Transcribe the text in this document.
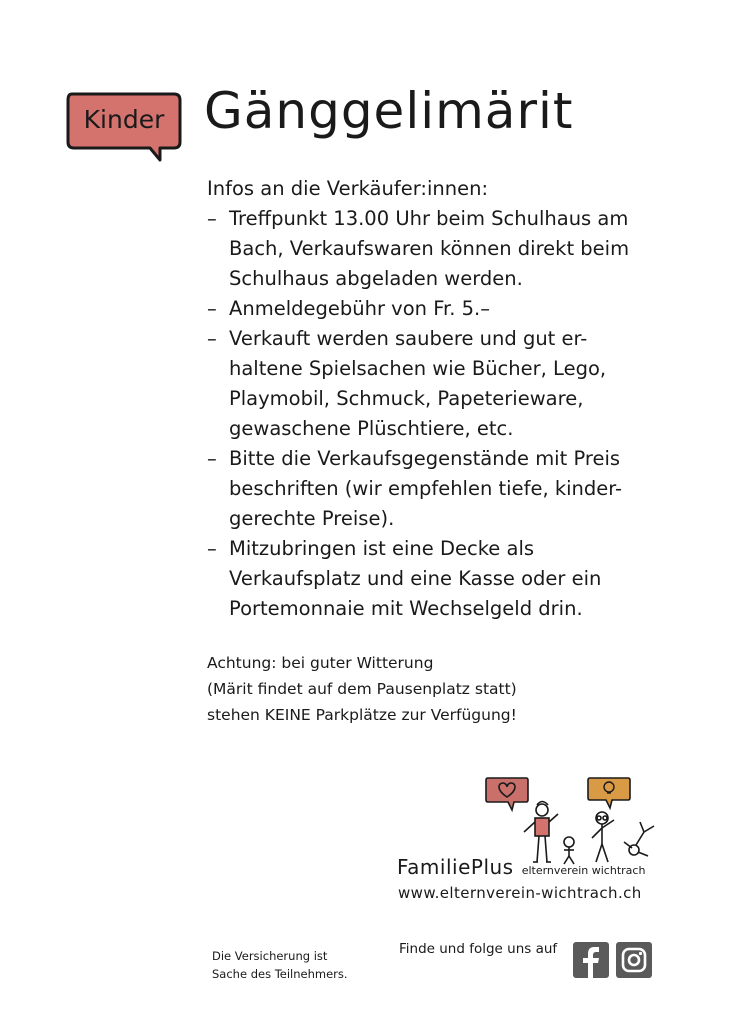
Kinder Gänggelimärit
Infos an die Verkäufer:innen:
– Treffpunkt 13.00 Uhr beim Schulhaus am
Bach, Verkaufswaren können direkt beim
Schulhaus abgeladen werden.
– Anmeldegebühr von Fr. 5.–
– Verkauft werden saubere und gut er-
haltene Spielsachen wie Bücher, Lego,
Playmobil, Schmuck, Papeterieware,
gewaschene Plüschtiere, etc.
– Bitte die Verkaufsgegenstände mit Preis
beschriften (wir empfehlen tiefe, kinder-
gerechte Preise).
– Mitzubringen ist eine Decke als
Verkaufsplatz und eine Kasse oder ein
Portemonnaie mit Wechselgeld drin.
Achtung: bei guter Witterung
(Märit findet auf dem Pausenplatz statt)
stehen KEINE Parkplätze zur Verfügung!
FamiliePlus elternverein wichtrach
www.elternverein-wichtrach.ch
Die Versicherung ist
Sache des Teilnehmers.
Finde und folge uns auf
